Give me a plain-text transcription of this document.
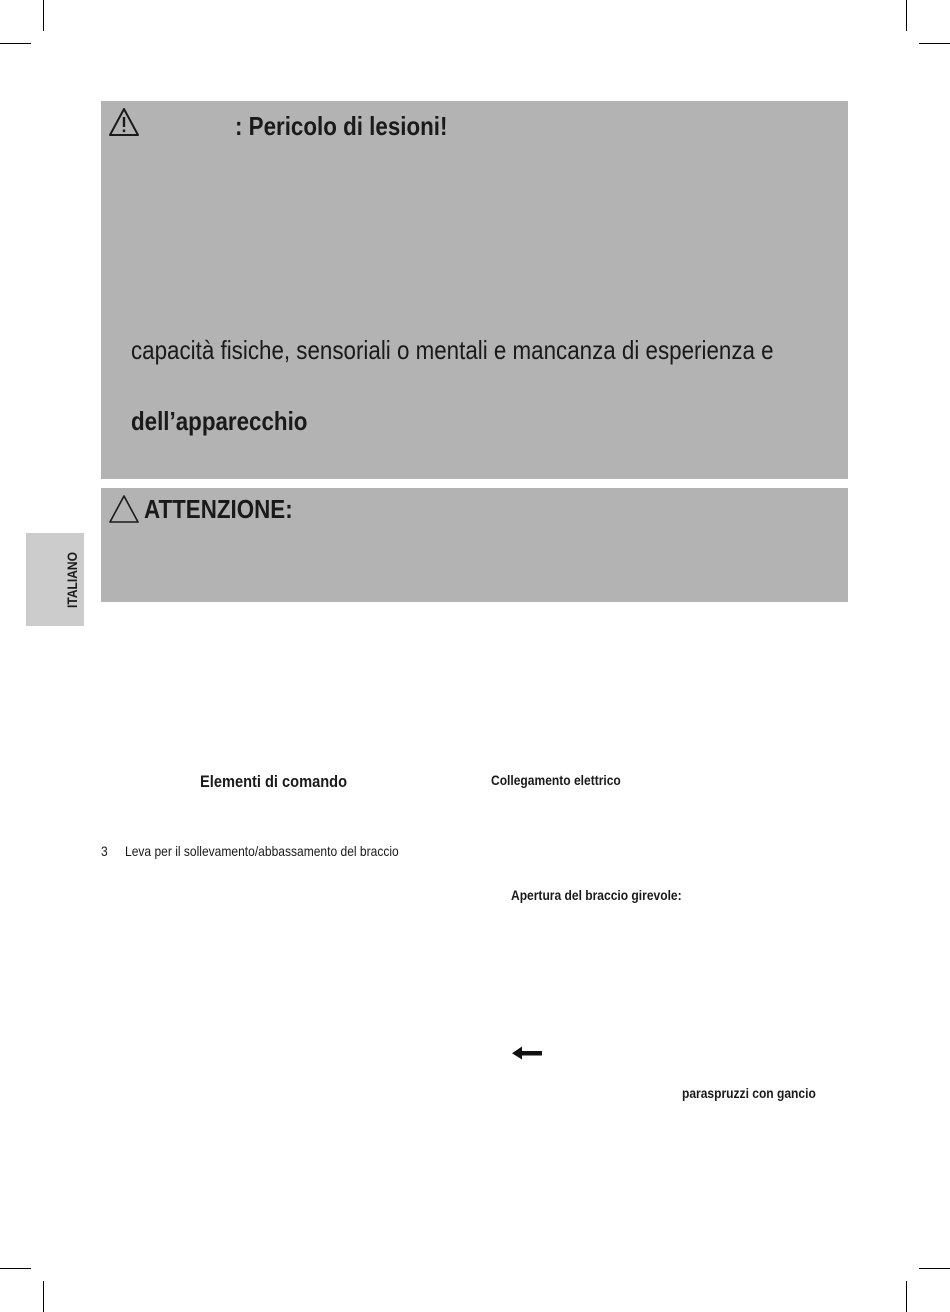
: Pericolo di lesioni!
capacità fisiche, sensoriali o mentali e mancanza di esperienza e
dell’apparecchio
ATTENZIONE:
ITALIANO
Elementi di comando
3 Leva per il sollevamento/abbassamento del braccio
Collegamento elettrico
Apertura del braccio girevole:
paraspruzzi con gancio
